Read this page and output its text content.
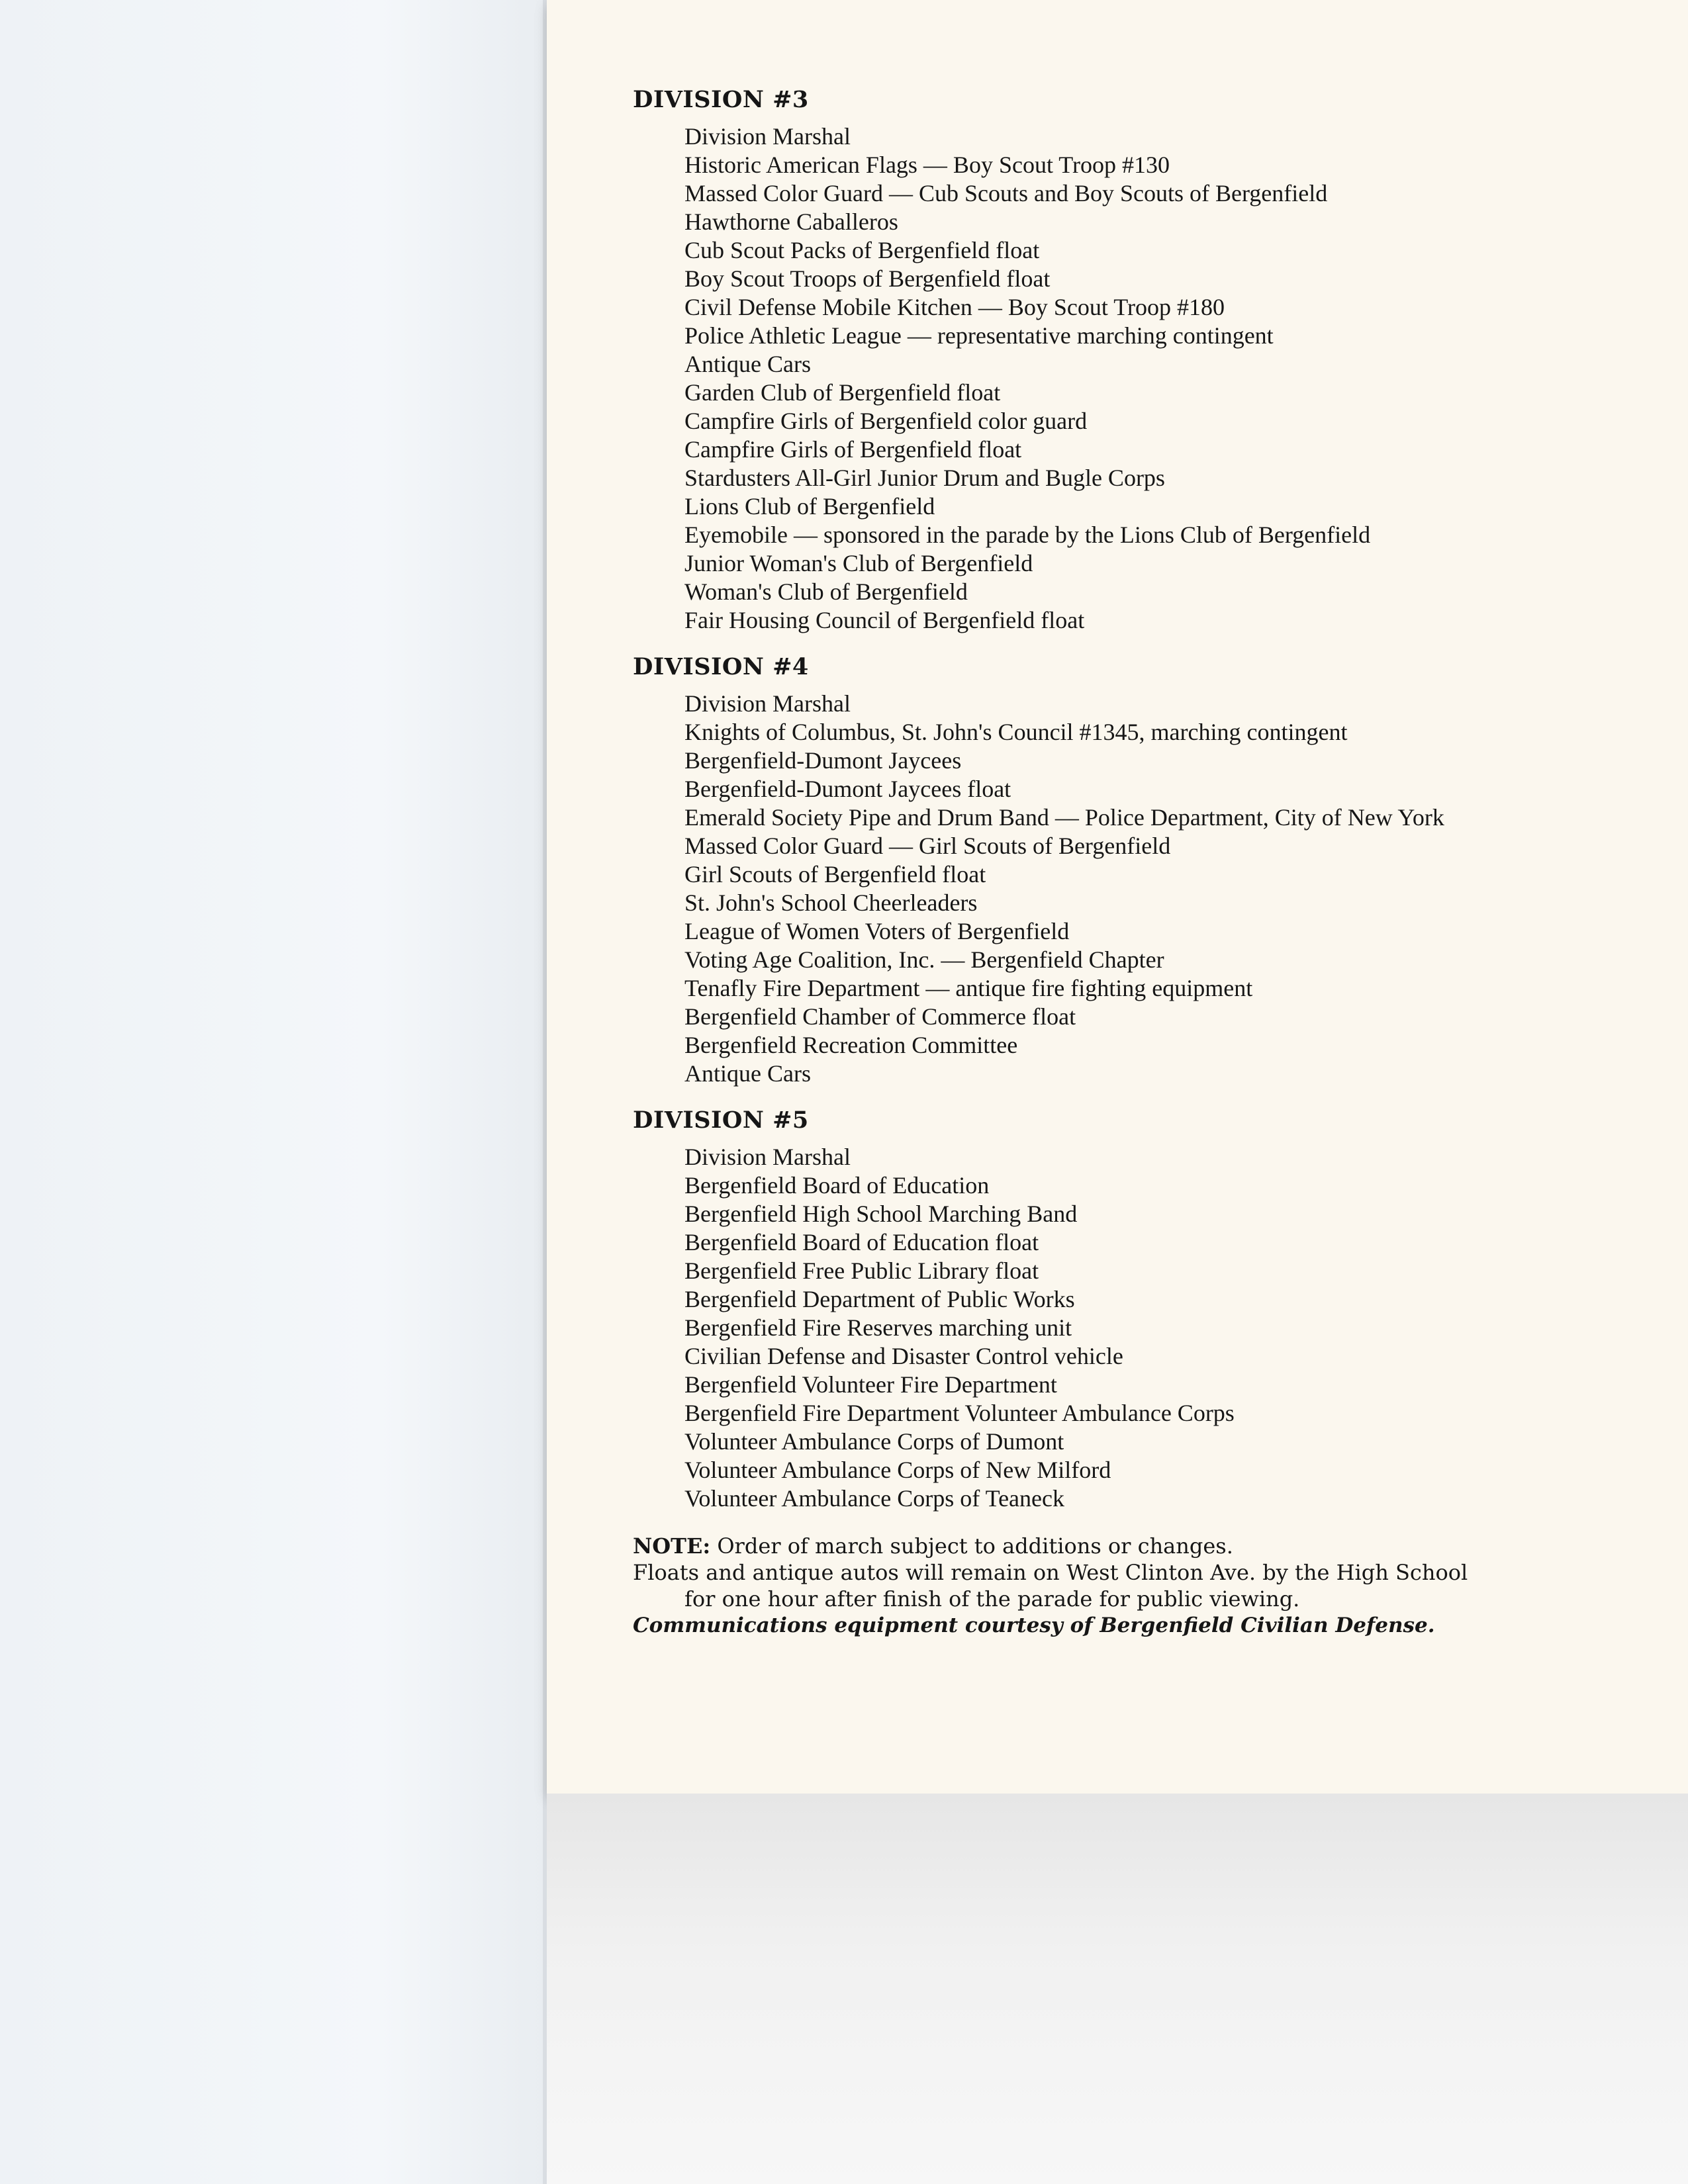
DIVISION #3
Division Marshal
Historic American Flags — Boy Scout Troop #130
Massed Color Guard — Cub Scouts and Boy Scouts of Bergenfield
Hawthorne Caballeros
Cub Scout Packs of Bergenfield float
Boy Scout Troops of Bergenfield float
Civil Defense Mobile Kitchen — Boy Scout Troop #180
Police Athletic League — representative marching contingent
Antique Cars
Garden Club of Bergenfield float
Campfire Girls of Bergenfield color guard
Campfire Girls of Bergenfield float
Stardusters All-Girl Junior Drum and Bugle Corps
Lions Club of Bergenfield
Eyemobile — sponsored in the parade by the Lions Club of Bergenfield
Junior Woman's Club of Bergenfield
Woman's Club of Bergenfield
Fair Housing Council of Bergenfield float
DIVISION #4
Division Marshal
Knights of Columbus, St. John's Council #1345, marching contingent
Bergenfield-Dumont Jaycees
Bergenfield-Dumont Jaycees float
Emerald Society Pipe and Drum Band — Police Department, City of New York
Massed Color Guard — Girl Scouts of Bergenfield
Girl Scouts of Bergenfield float
St. John's School Cheerleaders
League of Women Voters of Bergenfield
Voting Age Coalition, Inc. — Bergenfield Chapter
Tenafly Fire Department — antique fire fighting equipment
Bergenfield Chamber of Commerce float
Bergenfield Recreation Committee
Antique Cars
DIVISION #5
Division Marshal
Bergenfield Board of Education
Bergenfield High School Marching Band
Bergenfield Board of Education float
Bergenfield Free Public Library float
Bergenfield Department of Public Works
Bergenfield Fire Reserves marching unit
Civilian Defense and Disaster Control vehicle
Bergenfield Volunteer Fire Department
Bergenfield Fire Department Volunteer Ambulance Corps
Volunteer Ambulance Corps of Dumont
Volunteer Ambulance Corps of New Milford
Volunteer Ambulance Corps of Teaneck
NOTE: Order of march subject to additions or changes.
Floats and antique autos will remain on West Clinton Ave. by the High School
for one hour after finish of the parade for public viewing.
Communications equipment courtesy of Bergenfield Civilian Defense.
